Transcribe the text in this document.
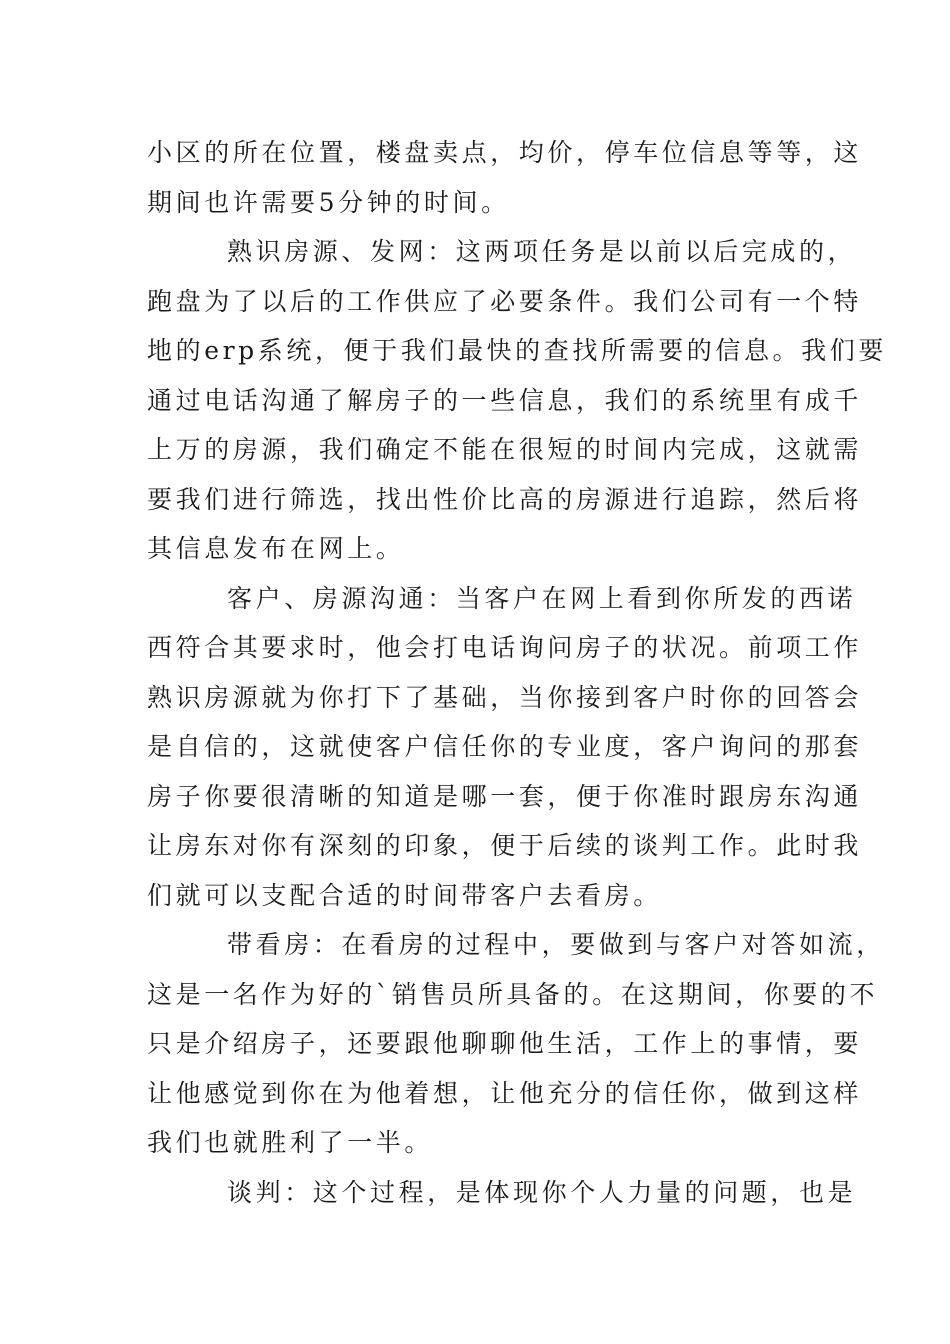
小区的所在位置，楼盘卖点，均价，停车位信息等等，这
期间也许需要5分钟的时间。
熟识房源、发网：这两项任务是以前以后完成的，
跑盘为了以后的工作供应了必要条件。我们公司有一个特
地的erp系统，便于我们最快的查找所需要的信息。我们要
通过电话沟通了解房子的一些信息，我们的系统里有成千
上万的房源，我们确定不能在很短的时间内完成，这就需
要我们进行筛选，找出性价比高的房源进行追踪，然后将
其信息发布在网上。
客户、房源沟通：当客户在网上看到你所发的西诺
西符合其要求时，他会打电话询问房子的状况。前项工作
熟识房源就为你打下了基础，当你接到客户时你的回答会
是自信的，这就使客户信任你的专业度，客户询问的那套
房子你要很清晰的知道是哪一套，便于你准时跟房东沟通
让房东对你有深刻的印象，便于后续的谈判工作。此时我
们就可以支配合适的时间带客户去看房。
带看房：在看房的过程中，要做到与客户对答如流，
这是一名作为好的`销售员所具备的。在这期间，你要的不
只是介绍房子，还要跟他聊聊他生活，工作上的事情，要
让他感觉到你在为他着想，让他充分的信任你，做到这样
我们也就胜利了一半。
谈判：这个过程，是体现你个人力量的问题，也是
